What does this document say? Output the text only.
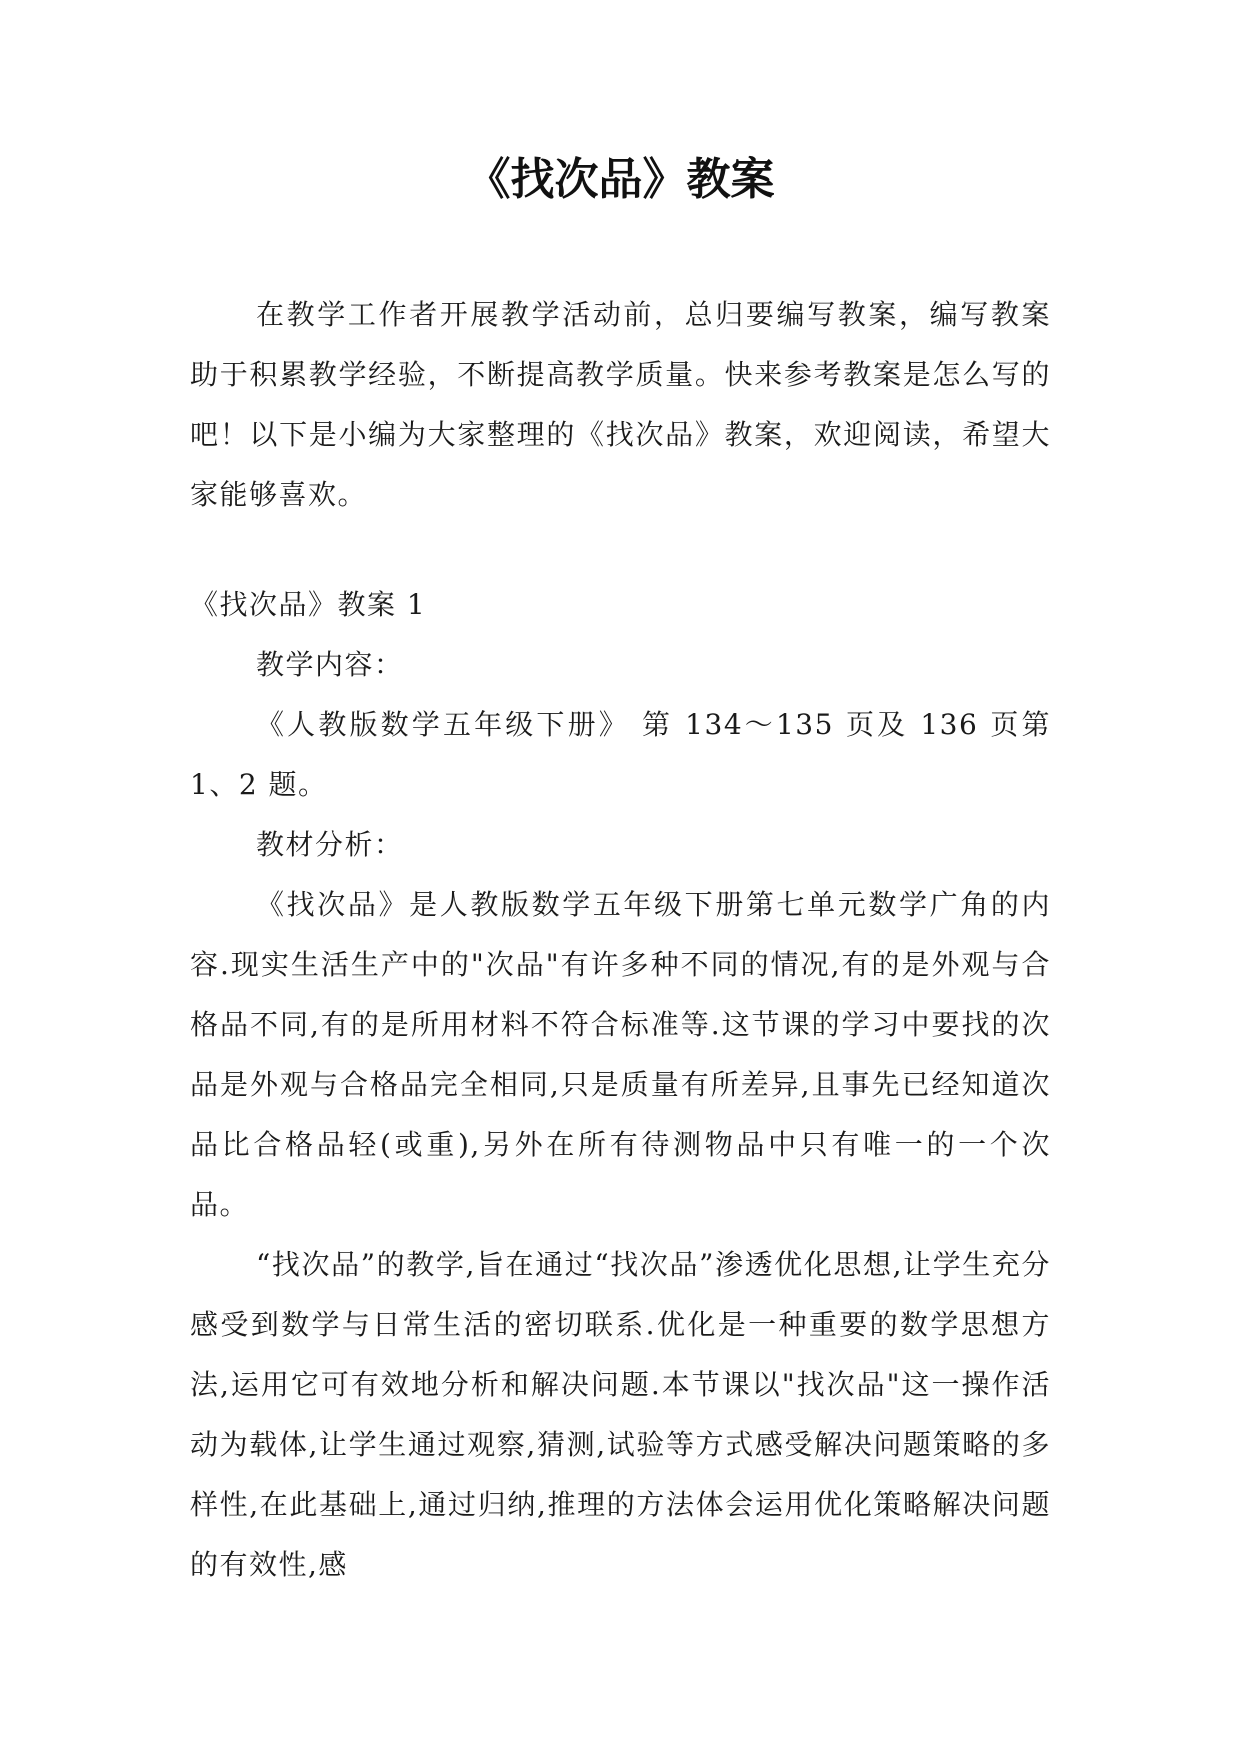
《找次品》教案

在教学工作者开展教学活动前，总归要编写教案，编写教案助于积累教学经验，不断提高教学质量。快来参考教案是怎么写的吧！以下是小编为大家整理的《找次品》教案，欢迎阅读，希望大家能够喜欢。

《找次品》教案 1

教学内容：

《人教版数学五年级下册》 第 134～135 页及 136 页第 1、2 题。

教材分析：

《找次品》是人教版数学五年级下册第七单元数学广角的内容.现实生活生产中的"次品"有许多种不同的情况,有的是外观与合格品不同,有的是所用材料不符合标准等.这节课的学习中要找的次品是外观与合格品完全相同,只是质量有所差异,且事先已经知道次品比合格品轻(或重),另外在所有待测物品中只有唯一的一个次品。

“找次品”的教学,旨在通过“找次品”渗透优化思想,让学生充分感受到数学与日常生活的密切联系.优化是一种重要的数学思想方法,运用它可有效地分析和解决问题.本节课以"找次品"这一操作活动为载体,让学生通过观察,猜测,试验等方式感受解决问题策略的多样性,在此基础上,通过归纳,推理的方法体会运用优化策略解决问题的有效性,感
